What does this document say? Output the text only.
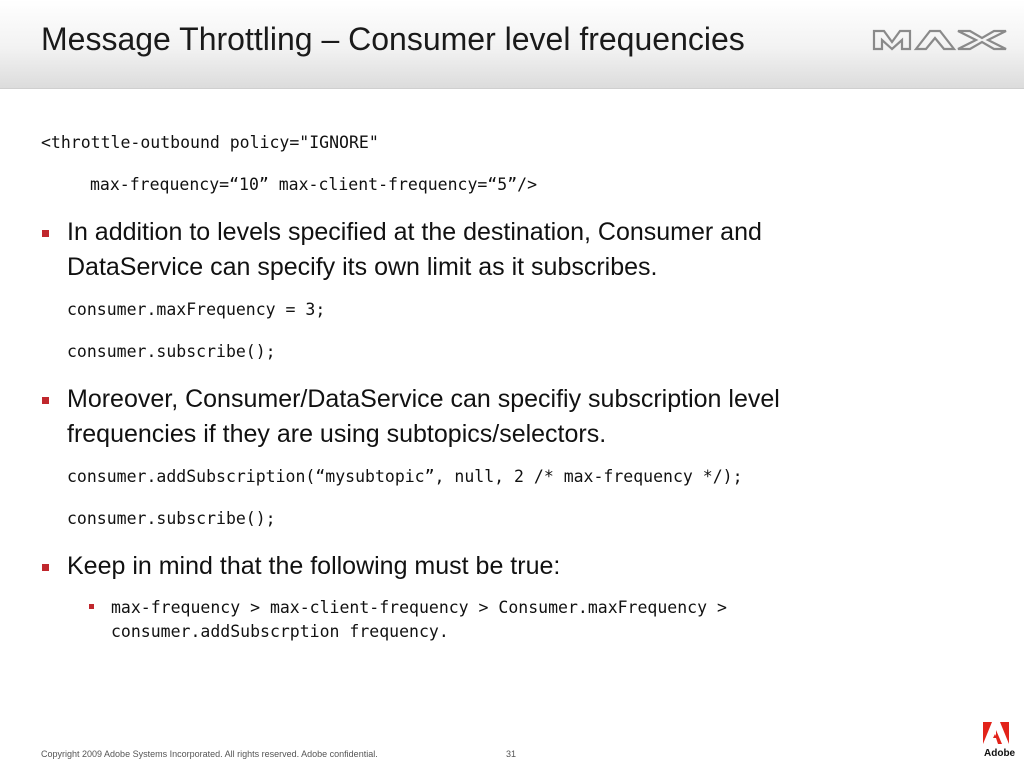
Message Throttling – Consumer level frequencies
<throttle-outbound policy="IGNORE"
max-frequency=“10” max-client-frequency=“5”/>
In addition to levels specified at the destination, Consumer and
DataService can specify its own limit as it subscribes.
consumer.maxFrequency = 3;
consumer.subscribe();
Moreover, Consumer/DataService can specifiy subscription level
frequencies if they are using subtopics/selectors.
consumer.addSubscription(“mysubtopic”, null, 2 /* max-frequency */);
consumer.subscribe();
Keep in mind that the following must be true:
max-frequency > max-client-frequency > Consumer.maxFrequency >
consumer.addSubscrption frequency.
Copyright 2009 Adobe Systems Incorporated. All rights reserved. Adobe confidential.	31	Adobe
